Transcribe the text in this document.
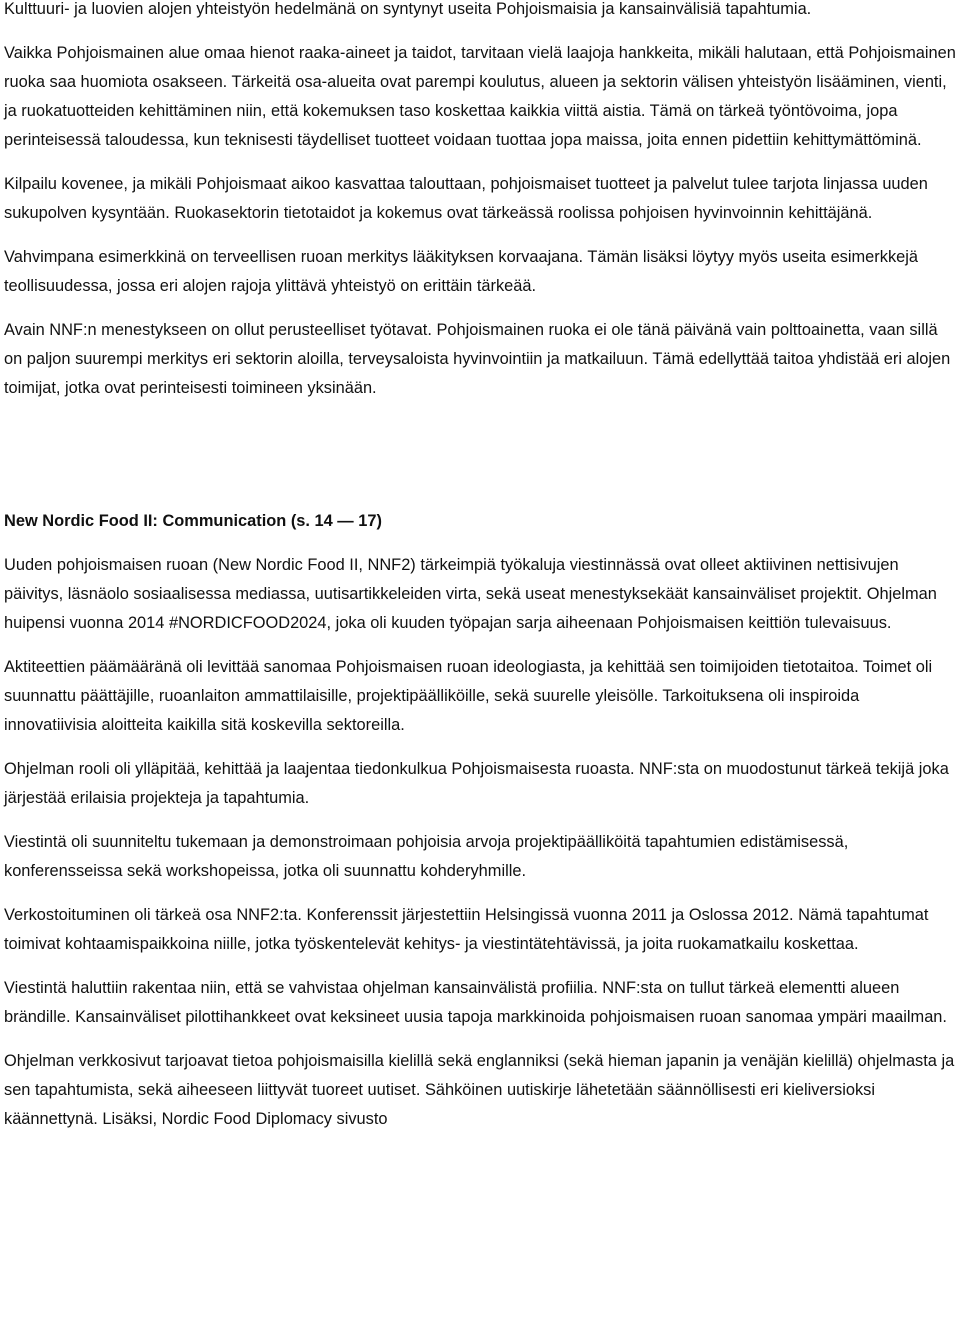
Kulttuuri- ja luovien alojen yhteistyön hedelmänä on syntynyt useita Pohjoismaisia ja kansainvälisiä tapahtumia.

Vaikka Pohjoismainen alue omaa hienot raaka-aineet ja taidot, tarvitaan vielä laajoja hankkeita, mikäli halutaan, että Pohjoismainen ruoka saa huomiota osakseen. Tärkeitä osa-alueita ovat parempi koulutus, alueen ja sektorin välisen yhteistyön lisääminen, vienti, ja ruokatuotteiden kehittäminen niin, että kokemuksen taso koskettaa kaikkia viittä aistia. Tämä on tärkeä työntövoima, jopa perinteisessä taloudessa, kun teknisesti täydelliset tuotteet voidaan tuottaa jopa maissa, joita ennen pidettiin kehittymättöminä.

Kilpailu kovenee, ja mikäli Pohjoismaat aikoo kasvattaa talouttaan, pohjoismaiset tuotteet ja palvelut tulee tarjota linjassa uuden sukupolven kysyntään. Ruokasektorin tietotaidot ja kokemus ovat tärkeässä roolissa pohjoisen hyvinvoinnin kehittäjänä.

Vahvimpana esimerkkinä on terveellisen ruoan merkitys lääkityksen korvaajana. Tämän lisäksi löytyy myös useita esimerkkejä teollisuudessa, jossa eri alojen rajoja ylittävä yhteistyö on erittäin tärkeää.

Avain NNF:n menestykseen on ollut perusteelliset työtavat. Pohjoismainen ruoka ei ole tänä päivänä vain polttoainetta, vaan sillä on paljon suurempi merkitys eri sektorin aloilla, terveysaloista hyvinvointiin ja matkailuun. Tämä edellyttää taitoa yhdistää eri alojen toimijat, jotka ovat perinteisesti toimineen yksinään.

New Nordic Food II: Communication (s. 14 — 17)

Uuden pohjoismaisen ruoan (New Nordic Food II, NNF2) tärkeimpiä työkaluja viestinnässä ovat olleet aktiivinen nettisivujen päivitys, läsnäolo sosiaalisessa mediassa, uutisartikkeleiden virta, sekä useat menestyksekäät kansainväliset projektit. Ohjelman huipensi vuonna 2014 #NORDICFOOD2024, joka oli kuuden työpajan sarja aiheenaan Pohjoismaisen keittiön tulevaisuus.

Aktiteettien päämääränä oli levittää sanomaa Pohjoismaisen ruoan ideologiasta, ja kehittää sen toimijoiden tietotaitoa. Toimet oli suunnattu päättäjille, ruoanlaiton ammattilaisille, projektipäälliköille, sekä suurelle yleisölle. Tarkoituksena oli inspiroida innovatiivisia aloitteita kaikilla sitä koskevilla sektoreilla.

Ohjelman rooli oli ylläpitää, kehittää ja laajentaa tiedonkulkua Pohjoismaisesta ruoasta. NNF:sta on muodostunut tärkeä tekijä joka järjestää erilaisia projekteja ja tapahtumia.

Viestintä oli suunniteltu tukemaan ja demonstroimaan pohjoisia arvoja projektipäälliköitä tapahtumien edistämisessä, konferensseissa sekä workshopeissa, jotka oli suunnattu kohderyhmille.

Verkostoituminen oli tärkeä osa NNF2:ta. Konferenssit järjestettiin Helsingissä vuonna 2011 ja Oslossa 2012. Nämä tapahtumat toimivat kohtaamispaikkoina niille, jotka työskentelevät kehitys- ja viestintätehtävissä, ja joita ruokamatkailu koskettaa.

Viestintä haluttiin rakentaa niin, että se vahvistaa ohjelman kansainvälistä profiilia. NNF:sta on tullut tärkeä elementti alueen brändille. Kansainväliset pilottihankkeet ovat keksineet uusia tapoja markkinoida pohjoismaisen ruoan sanomaa ympäri maailman.

Ohjelman verkkosivut tarjoavat tietoa pohjoismaisilla kielillä sekä englanniksi (sekä hieman japanin ja venäjän kielillä) ohjelmasta ja sen tapahtumista, sekä aiheeseen liittyvät tuoreet uutiset. Sähköinen uutiskirje lähetetään säännöllisesti eri kieliversioksi käännettynä. Lisäksi, Nordic Food Diplomacy sivusto
